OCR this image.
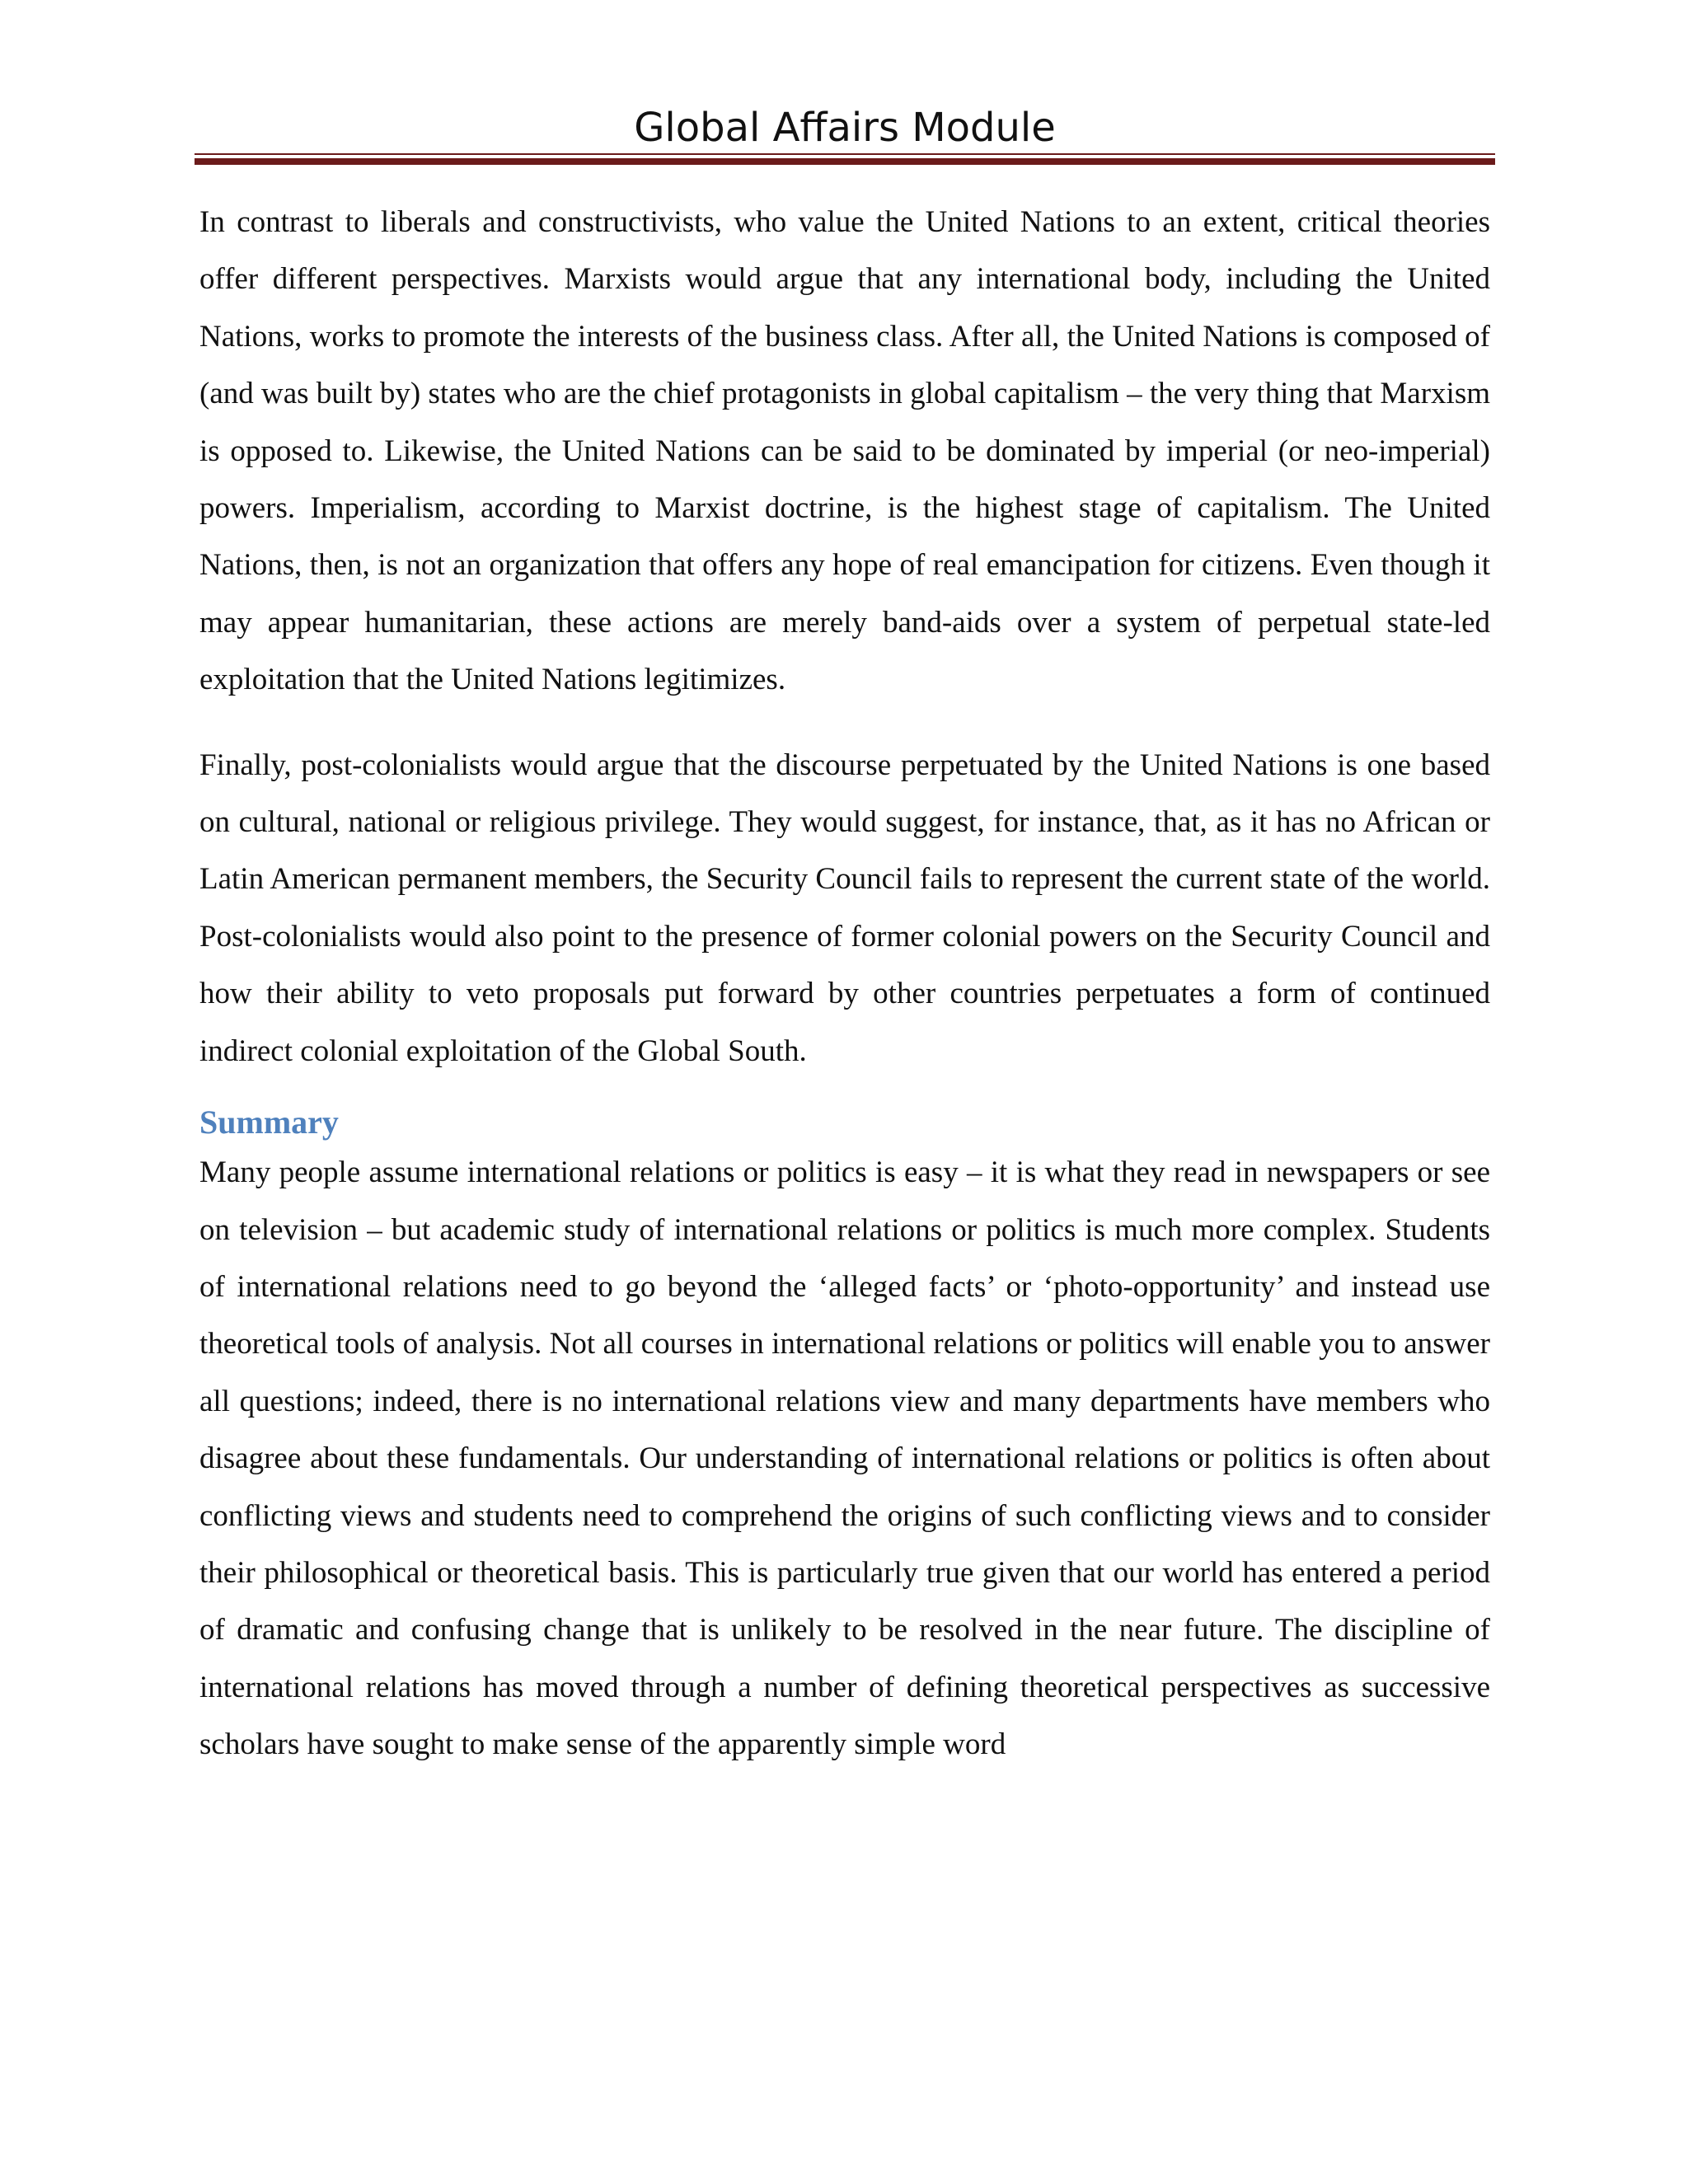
Global Affairs Module

In contrast to liberals and constructivists, who value the United Nations to an extent, critical theories offer different perspectives. Marxists would argue that any international body, including the United Nations, works to promote the interests of the business class. After all, the United Nations is composed of (and was built by) states who are the chief protagonists in global capitalism – the very thing that Marxism is opposed to. Likewise, the United Nations can be said to be dominated by imperial (or neo-imperial) powers. Imperialism, according to Marxist doctrine, is the highest stage of capitalism. The United Nations, then, is not an organization that offers any hope of real emancipation for citizens. Even though it may appear humanitarian, these actions are merely band-aids over a system of perpetual state-led exploitation that the United Nations legitimizes.

Finally, post-colonialists would argue that the discourse perpetuated by the United Nations is one based on cultural, national or religious privilege. They would suggest, for instance, that, as it has no African or Latin American permanent members, the Security Council fails to represent the current state of the world. Post-colonialists would also point to the presence of former colonial powers on the Security Council and how their ability to veto proposals put forward by other countries perpetuates a form of continued indirect colonial exploitation of the Global South.

Summary

Many people assume international relations or politics is easy – it is what they read in newspapers or see on television – but academic study of international relations or politics is much more complex. Students of international relations need to go beyond the ‘alleged facts’ or ‘photo-opportunity’ and instead use theoretical tools of analysis. Not all courses in international relations or politics will enable you to answer all questions; indeed, there is no international relations view and many departments have members who disagree about these fundamentals. Our understanding of international relations or politics is often about conflicting views and students need to comprehend the origins of such conflicting views and to consider their philosophical or theoretical basis. This is particularly true given that our world has entered a period of dramatic and confusing change that is unlikely to be resolved in the near future. The discipline of international relations has moved through a number of defining theoretical perspectives as successive scholars have sought to make sense of the apparently simple word
